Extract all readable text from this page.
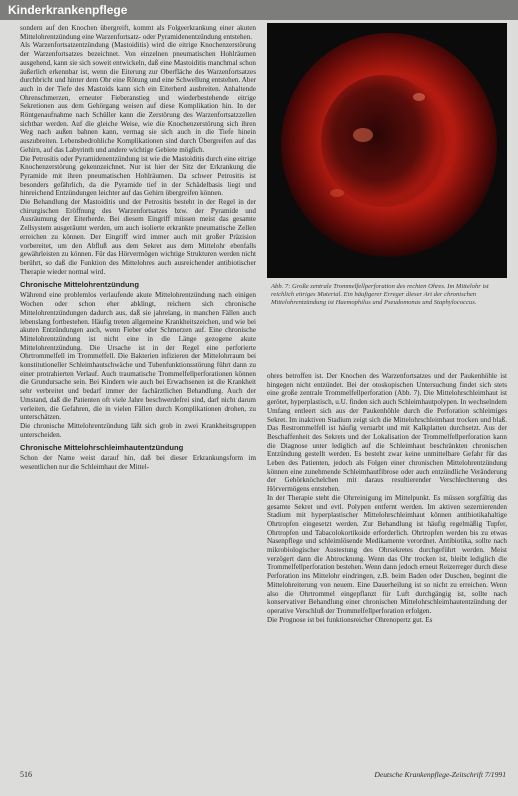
Kinderkrankenpflege

sondern auf den Knochen übergreift, kommt als Folgeerkrankung einer akuten Mittelohrentzündung eine Warzenfortsatz- oder Pyramidenentzündung entstehen.

Als Warzenfortsatzentzündung (Mastoiditis) wird die eitrige Knochenzerstörung der Warzenfortsatzes bezeichnet. Von einzelnen pneumatischen Hohlräumen ausgehend, kann sie sich soweit entwickeln, daß eine Mastoiditis manchmal schon äußerlich erkennbar ist, wenn die Eiterung zur Oberfläche des Warzenfortsatzes durchbricht und hinter dem Ohr eine Rötung und eine Schwellung entstehen. Aber auch in der Tiefe des Mastoids kann sich ein Eiterherd ausbreiten. Anhaltende Ohrenschmerzen, erneuter Fieberanstieg und wiederbestehende eitrige Sekretionen aus dem Gehörgang weisen auf diese Komplikation hin. In der Röntgenaufnahme nach Schüller kann die Zerstörung des Warzenfortsatzzellen sichtbar werden. Auf die gleiche Weise, wie die Knochenzerstörung sich ihren Weg nach außen bahnen kann, vermag sie sich auch in die Tiefe hinein auszubreiten. Lebensbedrohliche Komplikationen sind durch Übergreifen auf das Gehirn, auf das Labyrinth und andere wichtige Gebiete möglich.

Die Petrositis oder Pyramidenentzündung ist wie die Mastoiditis durch eine eitrige Knochenzerstörung gekennzeichnet. Nur ist hier der Sitz der Erkrankung die Pyramide mit ihren pneumatischen Hohlräumen. Da schwer Petrositis ist besonders gefährlich, da die Pyramide tief in der Schädelbasis liegt und hinreichend Entzündungen leichter auf das Gehirn übergreifen können.

Die Behandlung der Mastoiditis und der Petrositis besteht in der Regel in der chirurgischen Eröffnung des Warzenfortsatzes bzw. der Pyramide und Ausräumung der Eiterherde. Bei diesem Eingriff müssen meist das gesamte Zellsystem ausgeräumt werden, um auch isolierte erkrankte pneumatische Zellen erreichen zu können. Der Eingriff wird immer auch mit großer Präzision vorbereitet, um den Abfluß aus dem Sekret aus dem Mittelohr ebenfalls gewährleisten zu können. Für das Hörvermögen wichtige Strukturen werden nicht berührt, so daß die Funktion des Mittelohres auch ausreichender antibiotischer Therapie wieder normal wird.

Chronische Mittelohrentzündung

Während eine problemlos verlaufende akute Mittelohrentzündung nach einigen Wochen oder schon eher abklingt, reichern sich chronische Mittelohrentzündungen dadurch aus, daß sie jahrelang, in manchen Fällen auch lebenslang fortbestehen. Häufig treten allgemeine Krankheitszeichen, und wie bei akuten Entzündungen auch, wenn Fieber oder Schmerzen auf. Eine chronische Mittelohrentzündung ist nicht eine in die Länge gezogene akute Mittelohrentzündung. Die Ursache ist in der Regel eine perforierte Ohrtrommelfell im Trommelfell. Die Bakterien infizieren der Mittelohrraum bei konstitutioneller Schleimhautschwäche und Tubenfunktionsstörung führt dann zu einer protrahierten Verlauf. Auch traumatische Trommelfellperforationen können die Grundursache sein. Bei Kindern wie auch bei Erwachsenen ist die Krankheit sehr verbreitet und bedarf immer der fachärztlichen Behandlung. Auch der Umstand, daß die Patienten oft viele Jahre beschwerdefrei sind, darf nicht darum verleiten, die Gefahren, die in vielen Fällen durch Komplikationen drohen, zu unterschätzen.

Die chronische Mittelohrentzündung läßt sich grob in zwei Krankheitsgruppen unterscheiden.

Chronische Mittelohrschleimhautentzündung

Schon der Name weist darauf hin, daß bei dieser Erkrankungsform im wesentlichen nur die Schleimhaut der Mittel-

Abb. 7: Große zentrale Trommelfellperforation des rechten Ohres. Im Mittelohr ist reichlich eitriges Material. Ein häufigerer Erreger dieser Art der chronischen Mittelohrentzündung ist Haemophilus und Pseudomonas und Staphylococcus.

ohres betroffen ist. Der Knochen des Warzenfortsatzes und der Paukenhöhle ist hingegen nicht entzündet. Bei der otoskopischen Untersuchung findet sich stets eine große zentrale Trommelfellperforation (Abb. 7). Die Mittelohrschleimhaut ist gerötet, hyperplastisch, u.U. finden sich auch Schleimhautpolypen. In wechselndem Umfang entleert sich aus der Paukenhöhle durch die Perforation schleimiges Sekret. Im inaktiven Stadium zeigt sich die Mittelohrschleimhaut trocken und blaß. Das Restrommelfell ist häufig vernarbt und mit Kalkplatten durchsetzt. Aus der Beschaffenheit des Sekrets und der Lokalisation der Trommelfellperforation kann die Diagnose unter lediglich auf die Schleimhaut beschränkten chronischen Entzündung gestellt werden. Es besteht zwar keine unmittelbare Gefahr für das Leben des Patienten, jedoch als Folgen einer chronischen Mittelohrentzündung können eine zunehmende Schleimhautfibrose oder auch entzündliche Veränderung der Gehörknöchelchen mit daraus resultierender Verschlechterung des Hörvermögens entstehen.

In der Therapie steht die Ohrreinigung im Mittelpunkt. Es müssen sorgfältig das gesamte Sekret und evtl. Polypen entfernt werden. Im aktiven sezernierenden Stadium mit hyperplastischer Mittelohrschleimhaut können antibiotikahaltige Ohrtropfen eingesetzt werden. Zur Behandlung ist häufig regelmäßig Tupfer, Ohrtropfen und Tabacolokortikoide erforderlich. Ohrtropfen werden bis zu etwas Nasenpflege und schleimlösende Medikamente verordnet. Antibiotika, sollte nach mikrobiologischer Austestung des Ohrsekretes durchgeführt werden. Meist verzögert dann die Abtrocknung. Wenn das Ohr trocken ist, bleibt lediglich die Trommelfellperforation bestehen. Wenn dann jedoch erneut Reizerreger durch diese Perforation ins Mittelohr eindringen, z.B. beim Baden oder Duschen, beginnt die Mittelohreiterung von neuem. Eine Dauerheilung ist so nicht zu erreichen. Wenn also die Ohrtrommel eingepflanzt für Luft durchgängig ist, sollte nach konservativer Behandlung einer chronischen Mittelohrschleimhautentzündung der operative Verschluß der Trommelfellperforation erfolgen.

Die Prognose ist bei funktionsreicher Ohrenopertz gut. Es

516	Deutsche Krankenpflege-Zeitschrift 7/1991
